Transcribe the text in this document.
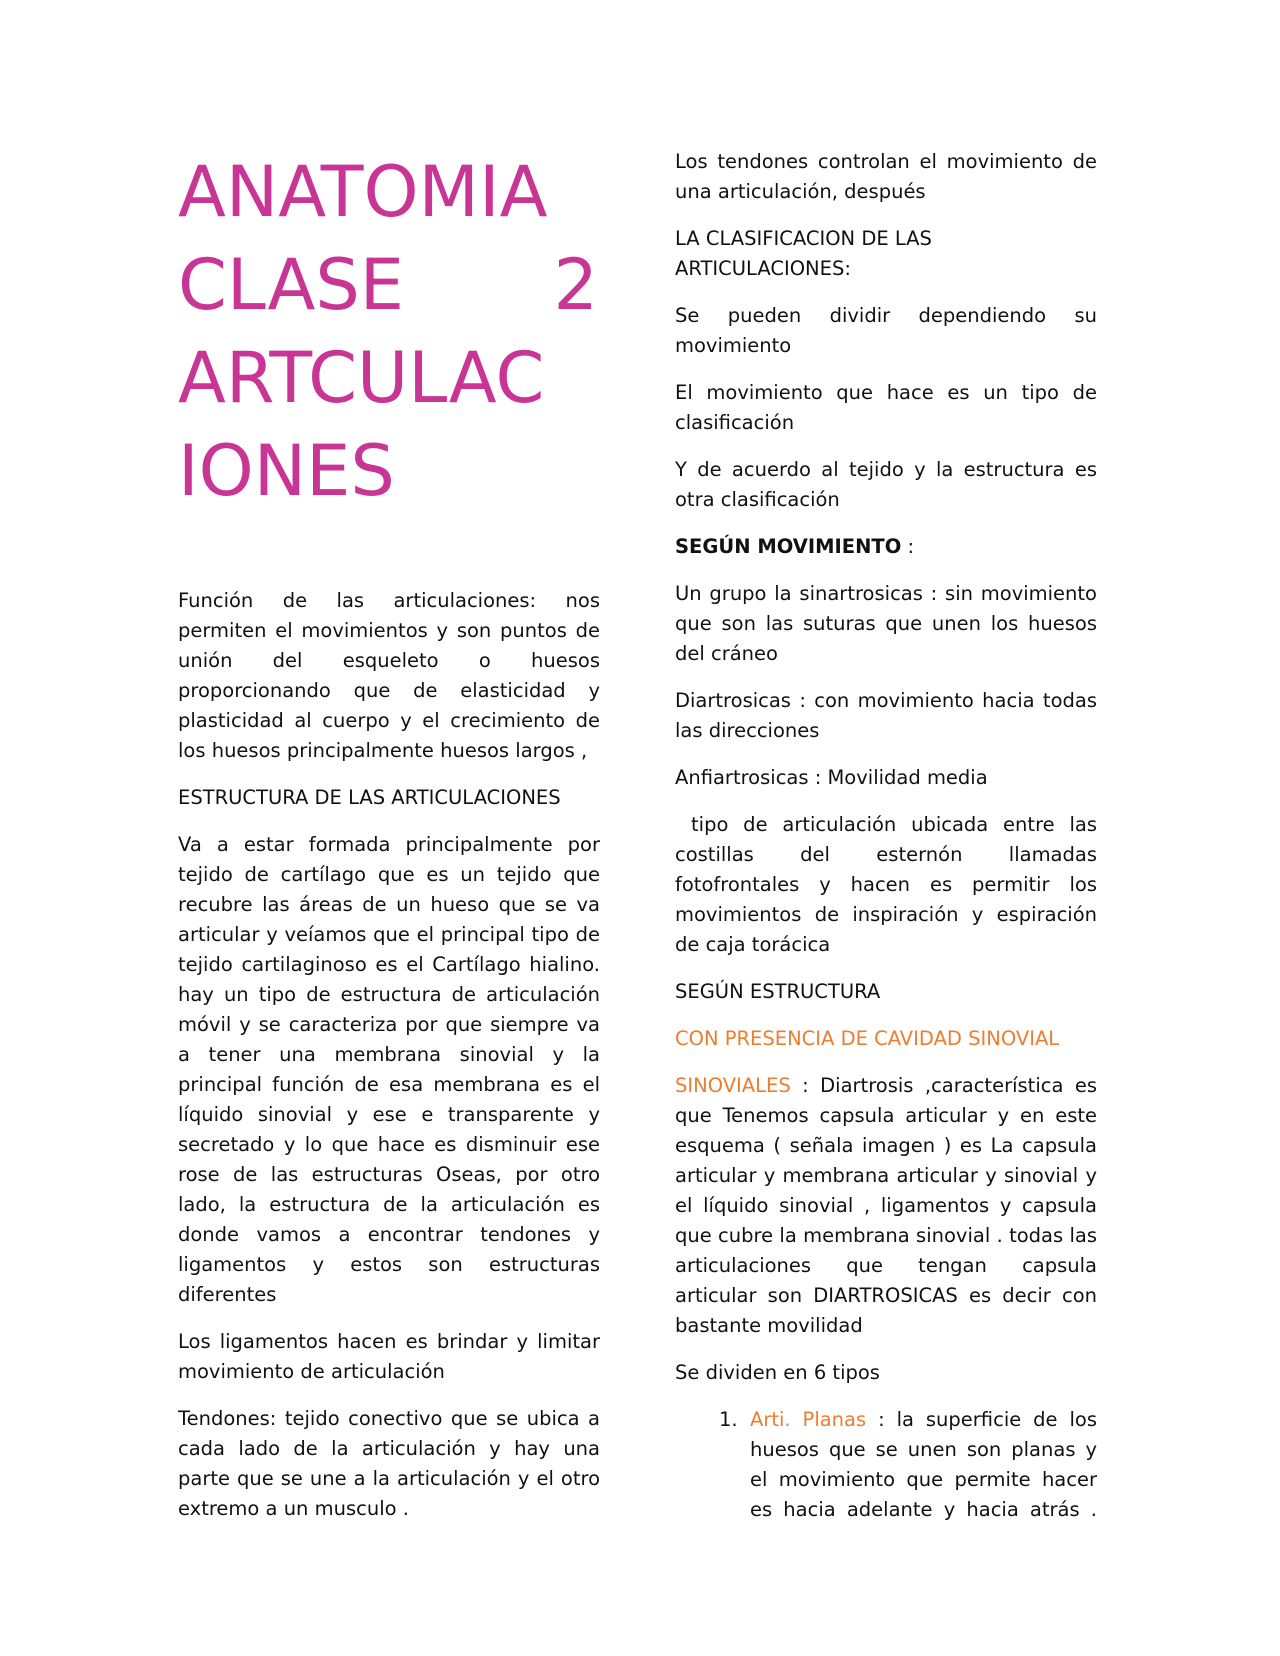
ANATOMIA
CLASE 2
ARTCULAC
IONES

Función de las articulaciones: nos permiten el movimientos y son puntos de unión del esqueleto o huesos proporcionando que de elasticidad y plasticidad al cuerpo y el crecimiento de los huesos principalmente huesos largos ,

ESTRUCTURA DE LAS ARTICULACIONES

Va a estar formada principalmente por tejido de cartílago que es un tejido que recubre las áreas de un hueso que se va articular y veíamos que el principal tipo de tejido cartilaginoso es el Cartílago hialino. hay un tipo de estructura de articulación móvil y se caracteriza por que siempre va a tener una membrana sinovial y la principal función de esa membrana es el líquido sinovial y ese e transparente y secretado y lo que hace es disminuir ese rose de las estructuras Oseas, por otro lado, la estructura de la articulación es donde vamos a encontrar tendones y ligamentos y estos son estructuras diferentes

Los ligamentos hacen es brindar y limitar movimiento de articulación

Tendones: tejido conectivo que se ubica a cada lado de la articulación y hay una parte que se une a la articulación y el otro extremo a un musculo .

Los tendones controlan el movimiento de una articulación, después

LA CLASIFICACION DE LAS ARTICULACIONES:

Se pueden dividir dependiendo su movimiento

El movimiento que hace es un tipo de clasificación

Y de acuerdo al tejido y la estructura es otra clasificación

SEGÚN MOVIMIENTO :

Un grupo la sinartrosicas : sin movimiento que son las suturas que unen los huesos del cráneo

Diartrosicas : con movimiento hacia todas las direcciones

Anfiartrosicas : Movilidad media

tipo de articulación ubicada entre las costillas del esternón llamadas fotofrontales y hacen es permitir los movimientos de inspiración y espiración de caja torácica

SEGÚN ESTRUCTURA

CON PRESENCIA DE CAVIDAD SINOVIAL

SINOVIALES : Diartrosis ,característica es que Tenemos capsula articular y en este esquema ( señala imagen ) es La capsula articular y membrana articular y sinovial y el líquido sinovial , ligamentos y capsula que cubre la membrana sinovial . todas las articulaciones que tengan capsula articular son DIARTROSICAS es decir con bastante movilidad

Se dividen en 6 tipos

1. Arti. Planas : la superficie de los huesos que se unen son planas y el movimiento que permite hacer es hacia adelante y hacia atrás .
